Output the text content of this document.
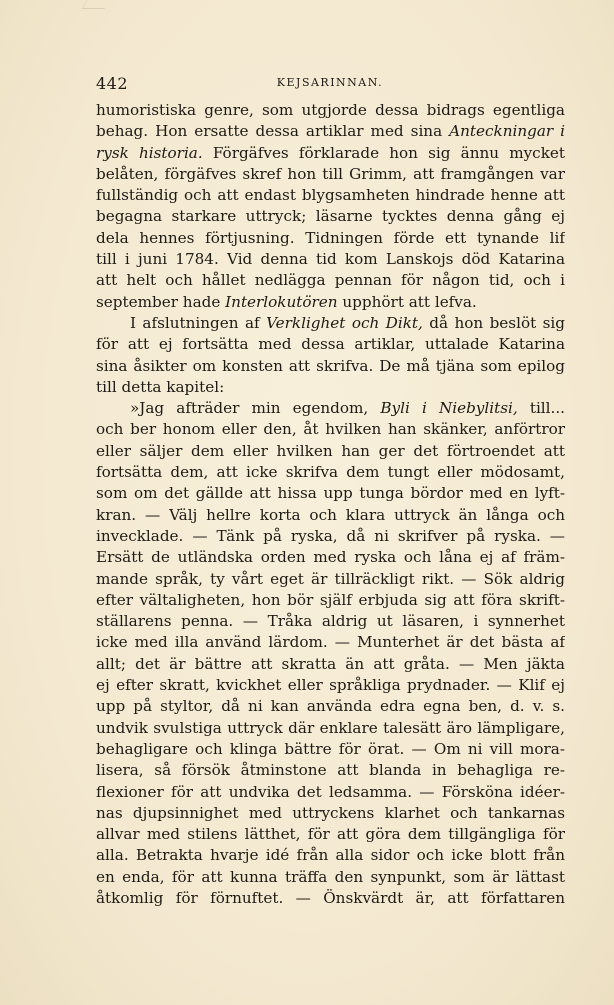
442	KEJSARINNAN.
humoristiska genre, som utgjorde dessa bidrags egentliga
behag. Hon ersatte dessa artiklar med sina Anteckningar i
rysk historia. Förgäfves förklarade hon sig ännu mycket
belåten, förgäfves skref hon till Grimm, att framgången var
fullständig och att endast blygsamheten hindrade henne att
begagna starkare uttryck; läsarne tycktes denna gång ej
dela hennes förtjusning. Tidningen förde ett tynande lif
till i juni 1784. Vid denna tid kom Lanskojs död Katarina
att helt och hållet nedlägga pennan för någon tid, och i
september hade Interlokutören upphört att lefva.
I afslutningen af Verklighet och Dikt, då hon beslöt sig
för att ej fortsätta med dessa artiklar, uttalade Katarina
sina åsikter om konsten att skrifva. De må tjäna som epilog
till detta kapitel:
»Jag afträder min egendom, Byli i Niebylitsi, till...
och ber honom eller den, åt hvilken han skänker, anförtror
eller säljer dem eller hvilken han ger det förtroendet att
fortsätta dem, att icke skrifva dem tungt eller mödosamt,
som om det gällde att hissa upp tunga bördor med en lyft-
kran. — Välj hellre korta och klara uttryck än långa och
invecklade. — Tänk på ryska, då ni skrifver på ryska. —
Ersätt de utländska orden med ryska och låna ej af främ-
mande språk, ty vårt eget är tillräckligt rikt. — Sök aldrig
efter vältaligheten, hon bör själf erbjuda sig att föra skrift-
ställarens penna. — Tråka aldrig ut läsaren, i synnerhet
icke med illa använd lärdom. — Munterhet är det bästa af
allt; det är bättre att skratta än att gråta. — Men jäkta
ej efter skratt, kvickhet eller språkliga prydnader. — Klif ej
upp på styltor, då ni kan använda edra egna ben, d. v. s.
undvik svulstiga uttryck där enklare talesätt äro lämpligare,
behagligare och klinga bättre för örat. — Om ni vill mora-
lisera, så försök åtminstone att blanda in behagliga re-
flexioner för att undvika det ledsamma. — Försköna idéer-
nas djupsinnighet med uttryckens klarhet och tankarnas
allvar med stilens lätthet, för att göra dem tillgängliga för
alla. Betrakta hvarje idé från alla sidor och icke blott från
en enda, för att kunna träffa den synpunkt, som är lättast
åtkomlig för förnuftet. — Önskvärdt är, att författaren
